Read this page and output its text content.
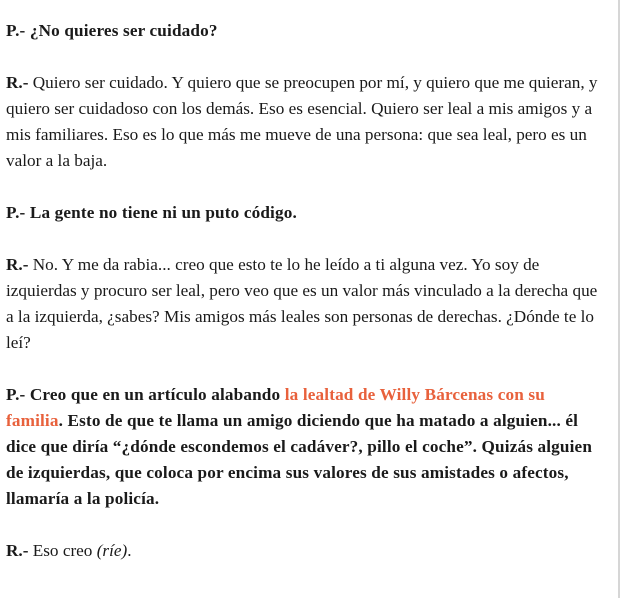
P.- ¿No quieres ser cuidado?

R.- Quiero ser cuidado. Y quiero que se preocupen por mí, y quiero que me quieran, y quiero ser cuidadoso con los demás. Eso es esencial. Quiero ser leal a mis amigos y a mis familiares. Eso es lo que más me mueve de una persona: que sea leal, pero es un valor a la baja.

P.- La gente no tiene ni un puto código.

R.- No. Y me da rabia... creo que esto te lo he leído a ti alguna vez. Yo soy de izquierdas y procuro ser leal, pero veo que es un valor más vinculado a la derecha que a la izquierda, ¿sabes? Mis amigos más leales son personas de derechas. ¿Dónde te lo leí?

P.- Creo que en un artículo alabando la lealtad de Willy Bárcenas con su familia. Esto de que te llama un amigo diciendo que ha matado a alguien... él dice que diría “¿dónde escondemos el cadáver?, pillo el coche”. Quizás alguien de izquierdas, que coloca por encima sus valores de sus amistades o afectos, llamaría a la policía.

R.- Eso creo (ríe).
